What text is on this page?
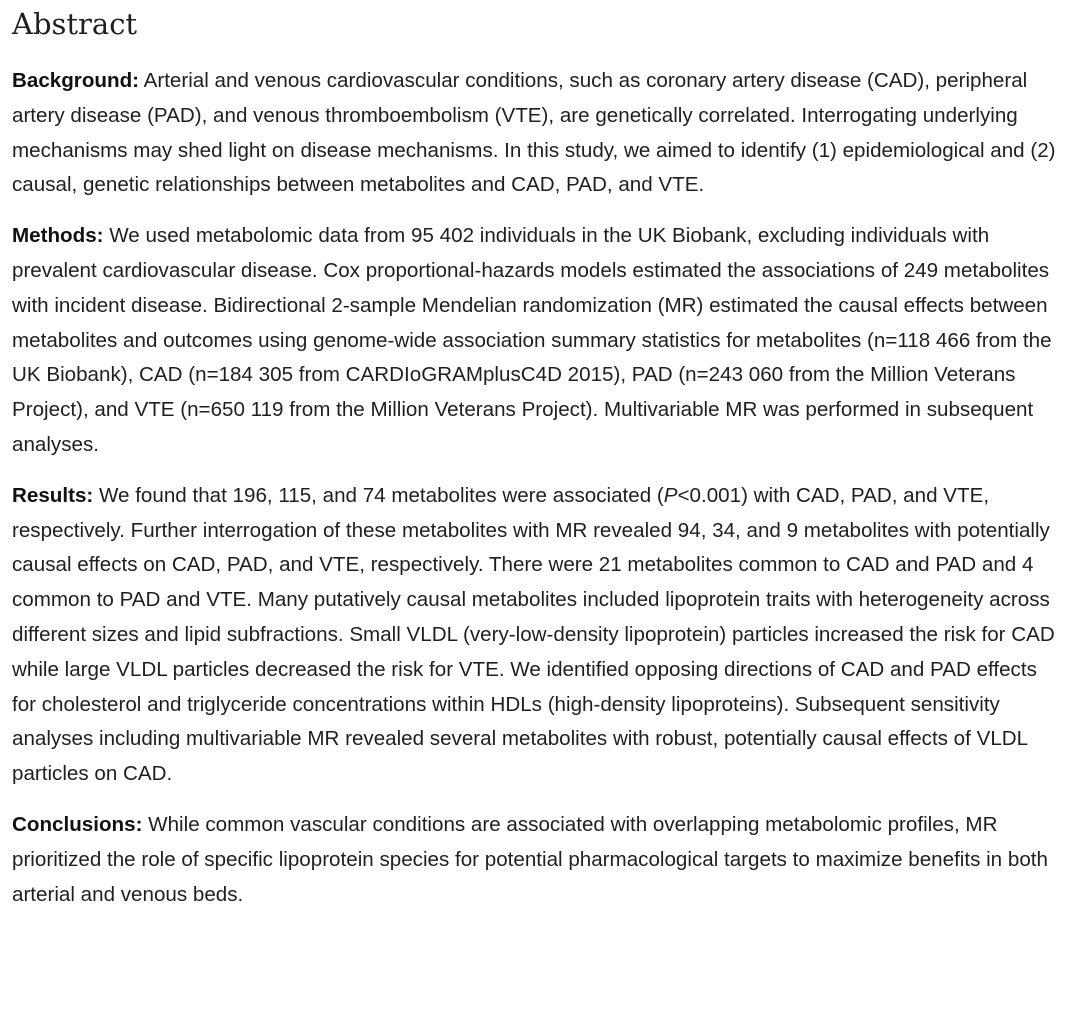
Abstract

Background: Arterial and venous cardiovascular conditions, such as coronary artery disease (CAD), peripheral artery disease (PAD), and venous thromboembolism (VTE), are genetically correlated. Interrogating underlying mechanisms may shed light on disease mechanisms. In this study, we aimed to identify (1) epidemiological and (2) causal, genetic relationships between metabolites and CAD, PAD, and VTE.

Methods: We used metabolomic data from 95 402 individuals in the UK Biobank, excluding individuals with prevalent cardiovascular disease. Cox proportional-hazards models estimated the associations of 249 metabolites with incident disease. Bidirectional 2-sample Mendelian randomization (MR) estimated the causal effects between metabolites and outcomes using genome-wide association summary statistics for metabolites (n=118 466 from the UK Biobank), CAD (n=184 305 from CARDIoGRAMplusC4D 2015), PAD (n=243 060 from the Million Veterans Project), and VTE (n=650 119 from the Million Veterans Project). Multivariable MR was performed in subsequent analyses.

Results: We found that 196, 115, and 74 metabolites were associated (P<0.001) with CAD, PAD, and VTE, respectively. Further interrogation of these metabolites with MR revealed 94, 34, and 9 metabolites with potentially causal effects on CAD, PAD, and VTE, respectively. There were 21 metabolites common to CAD and PAD and 4 common to PAD and VTE. Many putatively causal metabolites included lipoprotein traits with heterogeneity across different sizes and lipid subfractions. Small VLDL (very-low-density lipoprotein) particles increased the risk for CAD while large VLDL particles decreased the risk for VTE. We identified opposing directions of CAD and PAD effects for cholesterol and triglyceride concentrations within HDLs (high-density lipoproteins). Subsequent sensitivity analyses including multivariable MR revealed several metabolites with robust, potentially causal effects of VLDL particles on CAD.

Conclusions: While common vascular conditions are associated with overlapping metabolomic profiles, MR prioritized the role of specific lipoprotein species for potential pharmacological targets to maximize benefits in both arterial and venous beds.
